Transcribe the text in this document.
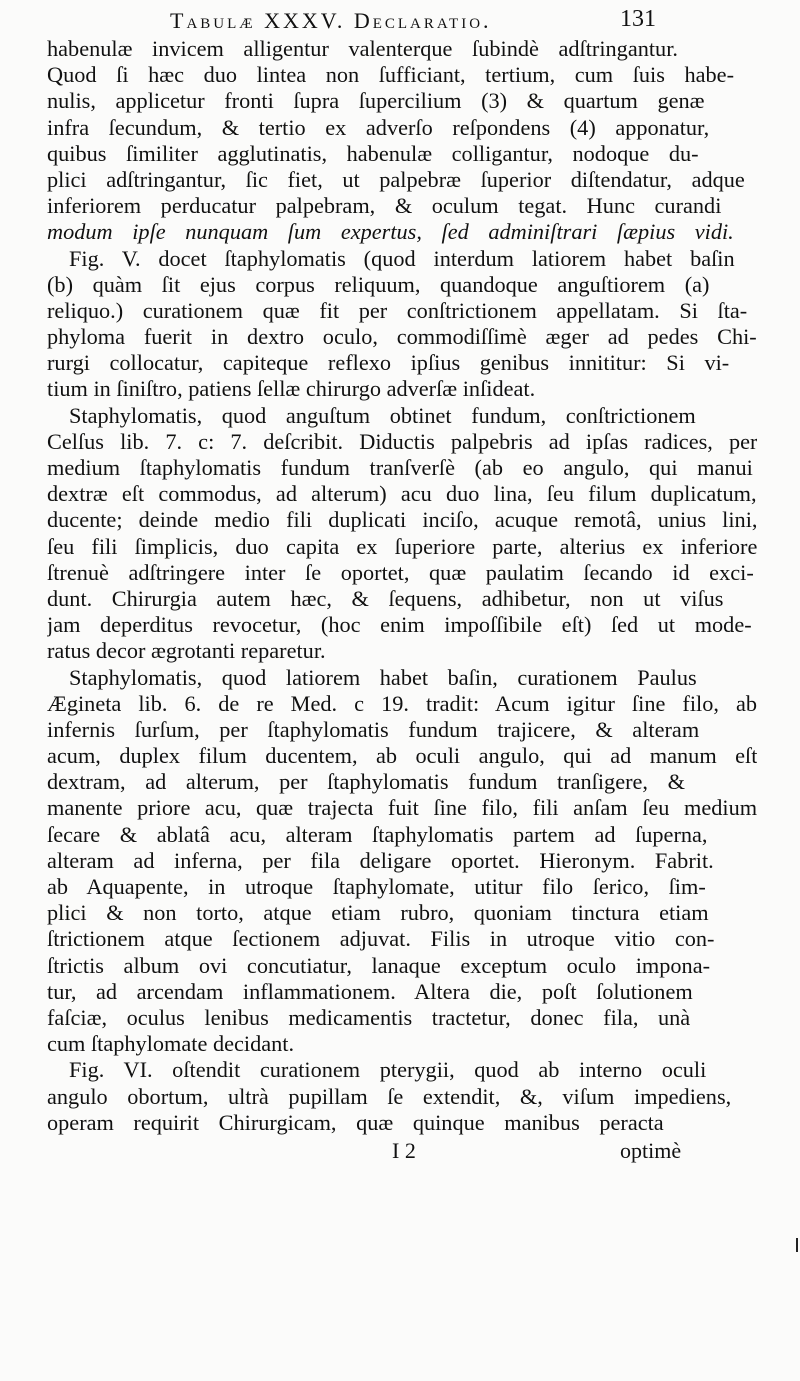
Tabulæ XXXV. Declaratio.	131
habenulæ invicem alligentur valenterque ſubindè adſtringantur.
Quod ſi hæc duo lintea non ſufficiant, tertium, cum ſuis habe-
nulis, applicetur fronti ſupra ſupercilium (3) & quartum genæ
infra ſecundum, & tertio ex adverſo reſpondens (4) apponatur,
quibus ſimiliter agglutinatis, habenulæ colligantur, nodoque du-
plici adſtringantur, ſic fiet, ut palpebræ ſuperior diſtendatur, adque
inferiorem perducatur palpebram, & oculum tegat. Hunc curandi
modum ipſe nunquam ſum expertus, ſed adminiſtrari ſæpius vidi.
Fig. V. docet ſtaphylomatis (quod interdum latiorem habet baſin
(b) quàm ſit ejus corpus reliquum, quandoque anguſtiorem (a)
reliquo.) curationem quæ fit per conſtrictionem appellatam. Si ſta-
phyloma fuerit in dextro oculo, commodiſſimè æger ad pedes Chi-
rurgi collocatur, capiteque reflexo ipſius genibus innititur: Si vi-
tium in ſiniſtro, patiens ſellæ chirurgo adverſæ inſideat.
Staphylomatis, quod anguſtum obtinet fundum, conſtrictionem
Celſus lib. 7. c: 7. deſcribit. Diductis palpebris ad ipſas radices, per
medium ſtaphylomatis fundum tranſverſè (ab eo angulo, qui manui
dextræ eſt commodus, ad alterum) acu duo lina, ſeu filum duplicatum,
ducente; deinde medio fili duplicati inciſo, acuque remotâ, unius lini,
ſeu fili ſimplicis, duo capita ex ſuperiore parte, alterius ex inferiore
ſtrenuè adſtringere inter ſe oportet, quæ paulatim ſecando id exci-
dunt. Chirurgia autem hæc, & ſequens, adhibetur, non ut viſus
jam deperditus revocetur, (hoc enim impoſſibile eſt) ſed ut mode-
ratus decor ægrotanti reparetur.
Staphylomatis, quod latiorem habet baſin, curationem Paulus
Ægineta lib. 6. de re Med. c 19. tradit: Acum igitur ſine filo, ab
infernis ſurſum, per ſtaphylomatis fundum trajicere, & alteram
acum, duplex filum ducentem, ab oculi angulo, qui ad manum eſt
dextram, ad alterum, per ſtaphylomatis fundum tranſigere, &
manente priore acu, quæ trajecta fuit ſine filo, fili anſam ſeu medium
ſecare & ablatâ acu, alteram ſtaphylomatis partem ad ſuperna,
alteram ad inferna, per fila deligare oportet. Hieronym. Fabrit.
ab Aquapente, in utroque ſtaphylomate, utitur filo ſerico, ſim-
plici & non torto, atque etiam rubro, quoniam tinctura etiam
ſtrictionem atque ſectionem adjuvat. Filis in utroque vitio con-
ſtrictis album ovi concutiatur, lanaque exceptum oculo impona-
tur, ad arcendam inflammationem. Altera die, poſt ſolutionem
faſciæ, oculus lenibus medicamentis tractetur, donec fila, unà
cum ſtaphylomate decidant.
Fig. VI. oſtendit curationem pterygii, quod ab interno oculi
angulo obortum, ultrà pupillam ſe extendit, &, viſum impediens,
operam requirit Chirurgicam, quæ quinque manibus peracta
I 2	optimè
